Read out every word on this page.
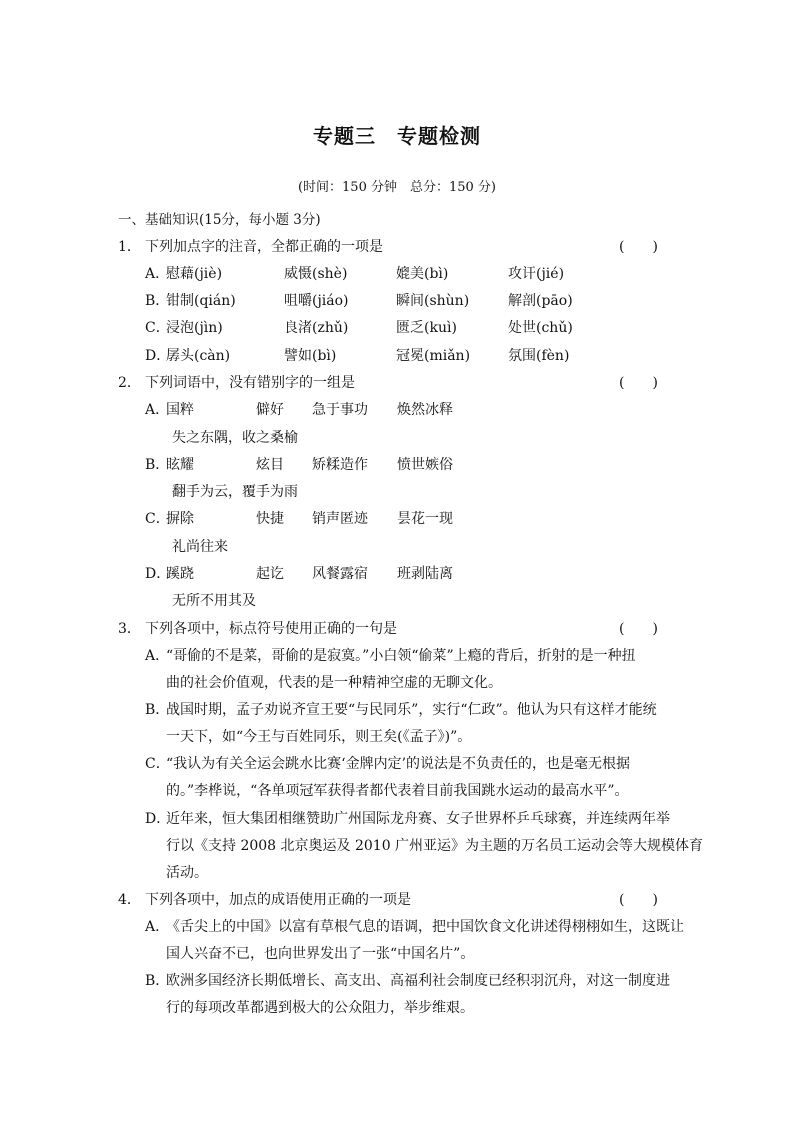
专题三　专题检测
(时间：150 分钟　总分：150 分)
一、基础知识(15分，每小题 3分)
1． 下列加点字的注音，全都正确的一项是	(　　)
A．
慰藉(jiè)	威慑(shè)	媲美(bì)	攻讦(jié)
B．
钳制(qián)	咀嚼(jiáo)	瞬间(shùn)	解剖(pāo)
C．
浸泡(jìn)	良渚(zhǔ)	匮乏(kuì)	处世(chǔ)
D．
孱头(càn)	譬如(bì)	冠冕(miǎn)	氛围(fèn)
2． 下列词语中，没有错别字的一组是	(　　)
A．
国粹	僻好 急于事功 焕然冰释
失之东隅，收之桑榆
B．
眩耀	炫目 矫糅造作 愤世嫉俗
翻手为云，覆手为雨
C．
摒除	快捷 销声匿迹 昙花一现
礼尚往来
D．
蹊跷	起讫 风餐露宿 班剥陆离
无所不用其及
3． 下列各项中，标点符号使用正确的一句是	(　　)
A．
“哥偷的不是菜，哥偷的是寂寞。”小白领“偷菜”上瘾的背后，折射的是一种扭
曲的社会价值观，代表的是一种精神空虚的无聊文化。
B．
战国时期，孟子劝说齐宣王要“与民同乐”，实行“仁政”。他认为只有这样才能统
一天下，如“今王与百姓同乐，则王矣(《孟子》)”。
C．
“我认为有关全运会跳水比赛‘金牌内定’的说法是不负责任的，也是毫无根据
的。”李桦说，“各单项冠军获得者都代表着目前我国跳水运动的最高水平”。
D．
近年来，恒大集团相继赞助广州国际龙舟赛、女子世界杯乒乓球赛，并连续两年举
行以《支持 2008 北京奥运及 2010 广州亚运》为主题的万名员工运动会等大规模体育
活动。
4． 下列各项中，加点的成语使用正确的一项是	(　　)
A．
《舌尖上的中国》以富有草根气息的语调，把中国饮食文化讲述得栩栩如生，这既让
国人兴奋不已，也向世界发出了一张“中国名片”。
B．
欧洲多国经济长期低增长、高支出、高福利社会制度已经积羽沉舟，对这一制度进
行的每项改革都遇到极大的公众阻力，举步维艰。
